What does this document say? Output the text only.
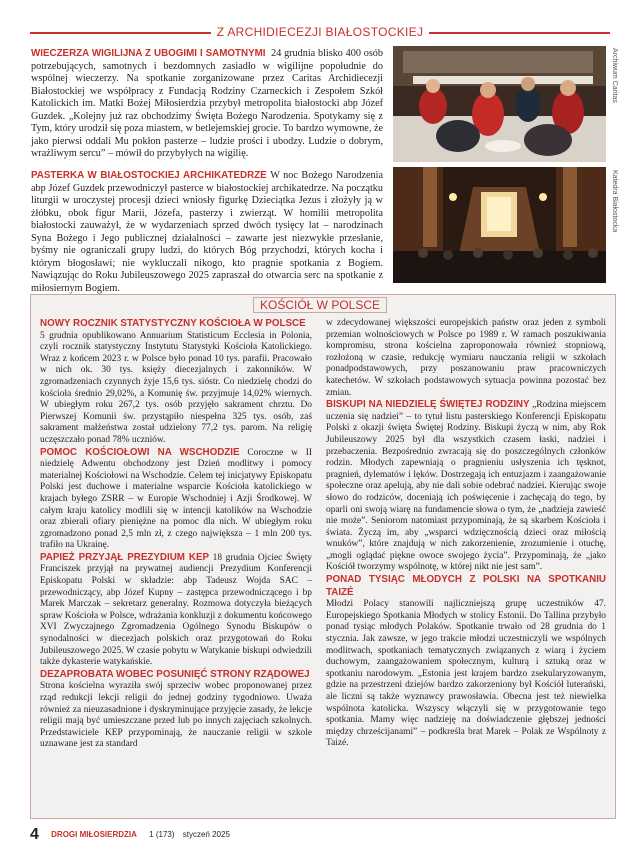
Z ARCHIDIECEZJI BIAŁOSTOCKIEJ

WIECZERZA WIGILIJNA Z UBOGIMI I SAMOTNYMI 24 grudnia blisko 400 osób potrzebujących, samotnych i bezdomnych zasiadło w wigilijne popołudnie do wspólnej wieczerzy. Na spotkanie zorganizowane przez Caritas Archidiecezji Białostockiej we współpracy z Fundacją Rodziny Czarneckich i Zespołem Szkół Katolickich im. Matki Bożej Miłosierdzia przybył metropolita białostocki abp Józef Guzdek. „Kolejny już raz obchodzimy Święta Bożego Narodzenia. Spotykamy się z Tym, który urodził się poza miastem, w betlejemskiej grocie. To bardzo wymowne, że jako pierwsi oddali Mu pokłon pasterze – ludzie prości i ubodzy. Ludzie o dobrym, wrażliwym sercu” – mówił do przybyłych na wigilię.

PASTERKA W BIAŁOSTOCKIEJ ARCHIKATEDRZE W noc Bożego Narodzenia abp Józef Guzdek przewodniczył pasterce w białostockiej archikatedrze. Na początku liturgii w uroczystej procesji dzieci wniosły figurkę Dzieciątka Jezus i złożyły ją w żłóbku, obok figur Marii, Józefa, pasterzy i zwierząt. W homilii metropolita białostocki zauważył, że w wydarzeniach sprzed dwóch tysięcy lat – narodzinach Syna Bożego i Jego publicznej działalności – zawarte jest niezwykłe przesłanie, byśmy nie ograniczali grupy ludzi, do których Bóg przychodzi, których kocha i którym błogosławi; nie wykluczali nikogo, kto pragnie spotkania z Bogiem. Nawiązując do Roku Jubileuszowego 2025 zapraszał do otwarcia serc na spotkanie z miłosiernym Bogiem.

Archiwum Caritas
Katedra Białostocka
KOŚCIÓŁ W POLSCE

NOWY ROCZNIK STATYSTYCZNY KOŚCIOŁA W POLSCE
5 grudnia opublikowano Annuarium Statisticum Ecclesia in Polonia, czyli rocznik statystyczny Instytutu Statystyki Kościoła Katolickiego. Wraz z końcem 2023 r. w Polsce było ponad 10 tys. parafii. Pracowało w nich ok. 30 tys. księży diecezjalnych i zakonników. W zgromadzeniach czynnych żyje 15,6 tys. sióstr. Co niedzielę chodzi do kościoła średnio 29,02%, a Komunię św. przyjmuje 14,02% wiernych. W ubiegłym roku 267,2 tys. osób przyjęło sakrament chrztu. Do Pierwszej Komunii św. przystąpiło niespełna 325 tys. osób, zaś sakrament małżeństwa został udzielony 77,2 tys. parom. Na religię uczęszczało ponad 78% uczniów.

POMOC KOŚCIOŁOWI NA WSCHODZIE Coroczne w II niedzielę Adwentu obchodzony jest Dzień modlitwy i pomocy materialnej Kościołowi na Wschodzie. Celem tej inicjatywy Episkopatu Polski jest duchowe i materialne wsparcie Kościoła katolickiego w krajach byłego ZSRR – w Europie Wschodniej i Azji Środkowej. W całym kraju katolicy modlili się w intencji katolików na Wschodzie oraz zbierali ofiary pieniężne na pomoc dla nich. W ubiegłym roku zgromadzono ponad 2,5 mln zł, z czego największa – 1 mln 200 tys. trafiło na Ukrainę.

PAPIEŻ PRZYJĄŁ PREZYDIUM KEP 18 grudnia Ojciec Święty Franciszek przyjął na prywatnej audiencji Prezydium Konferencji Episkopatu Polski w składzie: abp Tadeusz Wojda SAC – przewodniczący, abp Józef Kupny – zastępca przewodniczącego i bp Marek Marczak – sekretarz generalny. Rozmowa dotyczyła bieżących spraw Kościoła w Polsce, wdrażania konkluzji z dokumentu końcowego XVI Zwyczajnego Zgromadzenia Ogólnego Synodu Biskupów o synodalności w diecezjach polskich oraz przygotowań do Roku Jubileuszowego 2025. W czasie pobytu w Watykanie biskupi odwiedzili także dykasterie watykańskie.

DEZAPROBATA WOBEC POSUNIĘĆ STRONY RZĄDOWEJ
Strona kościelna wyraziła swój sprzeciw wobec proponowanej przez rząd redukcji lekcji religii do jednej godziny tygodniowo. Uważa również za nieuzasadnione i dyskryminujące przyjęcie zasady, że lekcje religii mają być umieszczane przed lub po innych zajęciach szkolnych. Przedstawiciele KEP przypominają, że nauczanie religii w szkole uznawane jest za standard

w zdecydowanej większości europejskich państw oraz jeden z symboli przemian wolnościowych w Polsce po 1989 r. W ramach poszukiwania kompromisu, strona kościelna zaproponowała również stopniową, rozłożoną w czasie, redukcję wymiaru nauczania religii w szkołach ponadpodstawowych, przy poszanowaniu praw pracowniczych katechetów. W szkołach podstawowych sytuacja powinna pozostać bez zmian.

BISKUPI NA NIEDZIELĘ ŚWIĘTEJ RODZINY „Rodzina miejscem uczenia się nadziei” – to tytuł listu pasterskiego Konferencji Episkopatu Polski z okazji święta Świętej Rodziny. Biskupi życzą w nim, aby Rok Jubileuszowy 2025 był dla wszystkich czasem łaski, nadziei i przebaczenia. Bezpośrednio zwracają się do poszczególnych członków rodzin. Młodych zapewniają o pragnieniu usłyszenia ich tęsknot, pragnień, dylematów i lęków. Dostrzegają ich entuzjazm i zaangażowanie społeczne oraz apelują, aby nie dali sobie odebrać nadziei. Kierując swoje słowo do rodziców, doceniają ich poświęcenie i zachęcają do tego, by oparli oni swoją wiarę na fundamencie słowa o tym, że „nadzieja zawieść nie może”. Seniorom natomiast przypominają, że są skarbem Kościoła i świata. Życzą im, aby „wsparci wdzięcznością dzieci oraz miłością wnuków”, które znajdują w nich zakorzenienie, zrozumienie i otuchę, „mogli oglądać piękne owoce swojego życia”. Przypominają, że „jako Kościół tworzymy wspólnotę, w której nikt nie jest sam”.

PONAD TYSIĄC MŁODYCH Z POLSKI NA SPOTKANIU TAIZÉ
Młodzi Polacy stanowili najliczniejszą grupę uczestników 47. Europejskiego Spotkania Młodych w stolicy Estonii. Do Tallina przybyło ponad tysiąc młodych Polaków. Spotkanie trwało od 28 grudnia do 1 stycznia. Jak zawsze, w jego trakcie młodzi uczestniczyli we wspólnych modlitwach, spotkaniach tematycznych związanych z wiarą i życiem duchowym, zaangażowaniem społecznym, kulturą i sztuką oraz w spotkaniu narodowym. „Estonia jest krajem bardzo zsekularyzowanym, gdzie na przestrzeni dziejów bardzo zakorzeniony był Kościół luterański, ale liczni są także wyznawcy prawosławia. Obecna jest też niewielka wspólnota katolicka. Wszyscy włączyli się w przygotowanie tego spotkania. Mamy więc nadzieję na doświadczenie głębszej jedności między chrześcijanami” – podkreśla brat Marek – Polak ze Wspólnoty z Taizé.

4 DROGI MIŁOSIERDZIA 1 (173) styczeń 2025
